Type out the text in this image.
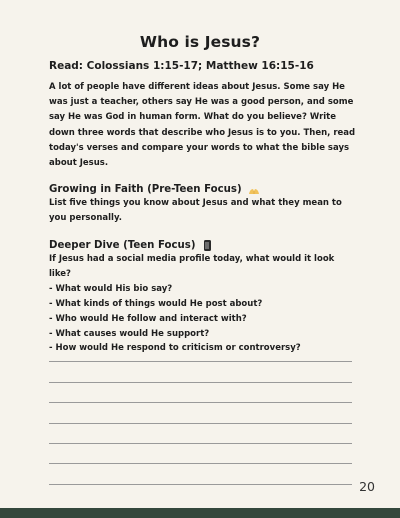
Who is Jesus?

Read: Colossians 1:15-17; Matthew 16:15-16

A lot of people have different ideas about Jesus. Some say He was just a teacher, others say He was a good person, and some say He was God in human form. What do you believe? Write down three words that describe who Jesus is to you. Then, read today's verses and compare your words to what the bible says about Jesus.

Growing in Faith (Pre-Teen Focus)

List five things you know about Jesus and what they mean to you personally.

Deeper Dive (Teen Focus)

If Jesus had a social media profile today, what would it look like?

- What would His bio say?
- What kinds of things would He post about?
- Who would He follow and interact with?
- What causes would He support?
- How would He respond to criticism or controversy?
20
